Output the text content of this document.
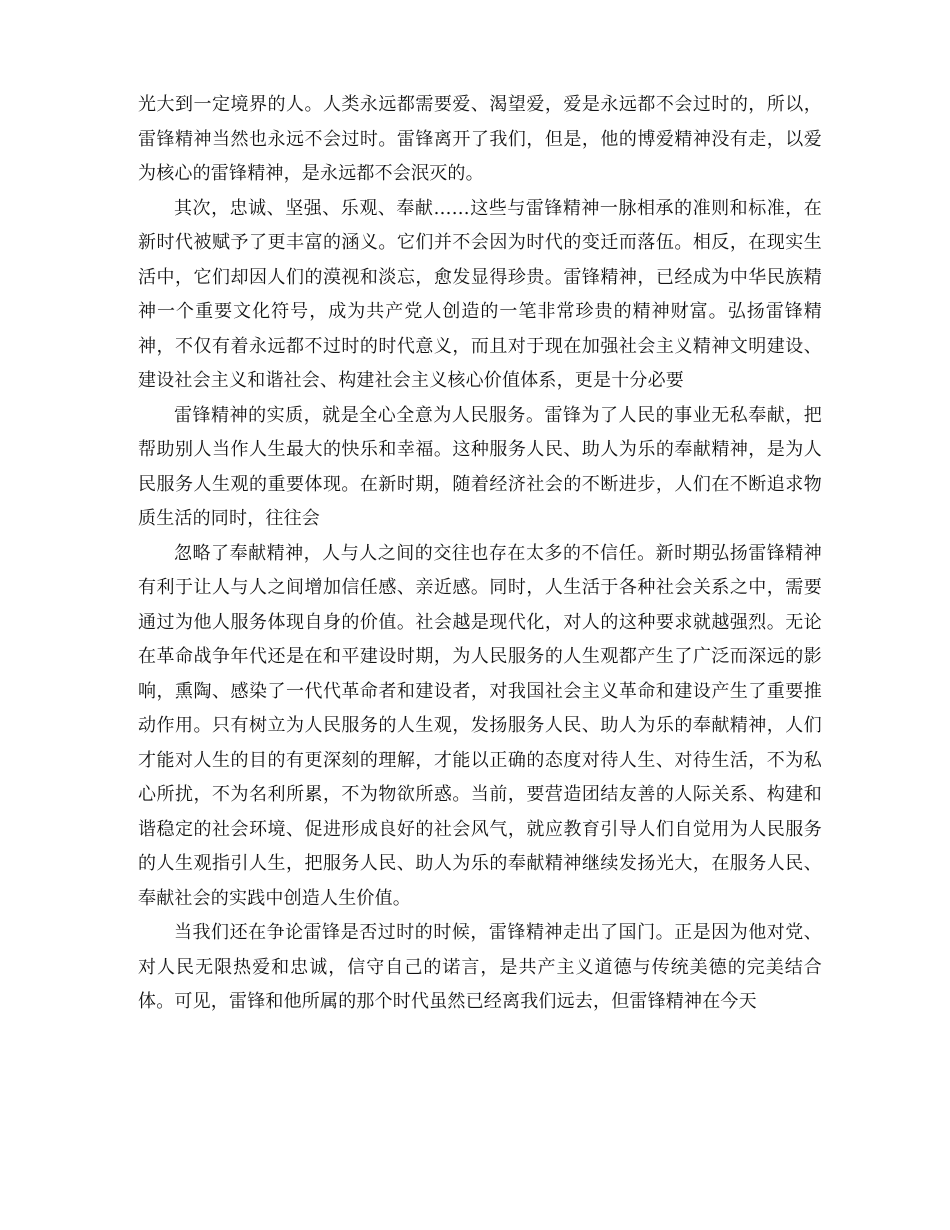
光大到一定境界的人。人类永远都需要爱、渴望爱，爱是永远都不会过时的，所以，雷锋精神当然也永远不会过时。雷锋离开了我们，但是，他的博爱精神没有走，以爱为核心的雷锋精神，是永远都不会泯灭的。

其次，忠诚、坚强、乐观、奉献……这些与雷锋精神一脉相承的准则和标准，在新时代被赋予了更丰富的涵义。它们并不会因为时代的变迁而落伍。相反，在现实生活中，它们却因人们的漠视和淡忘，愈发显得珍贵。雷锋精神，已经成为中华民族精神一个重要文化符号，成为共产党人创造的一笔非常珍贵的精神财富。弘扬雷锋精神，不仅有着永远都不过时的时代意义，而且对于现在加强社会主义精神文明建设、建设社会主义和谐社会、构建社会主义核心价值体系，更是十分必要

雷锋精神的实质，就是全心全意为人民服务。雷锋为了人民的事业无私奉献，把帮助别人当作人生最大的快乐和幸福。这种服务人民、助人为乐的奉献精神，是为人民服务人生观的重要体现。在新时期，随着经济社会的不断进步，人们在不断追求物质生活的同时，往往会

忽略了奉献精神，人与人之间的交往也存在太多的不信任。新时期弘扬雷锋精神有利于让人与人之间增加信任感、亲近感。同时，人生活于各种社会关系之中，需要通过为他人服务体现自身的价值。社会越是现代化，对人的这种要求就越强烈。无论在革命战争年代还是在和平建设时期，为人民服务的人生观都产生了广泛而深远的影响，熏陶、感染了一代代革命者和建设者，对我国社会主义革命和建设产生了重要推动作用。只有树立为人民服务的人生观，发扬服务人民、助人为乐的奉献精神，人们才能对人生的目的有更深刻的理解，才能以正确的态度对待人生、对待生活，不为私心所扰，不为名利所累，不为物欲所惑。当前，要营造团结友善的人际关系、构建和谐稳定的社会环境、促进形成良好的社会风气，就应教育引导人们自觉用为人民服务的人生观指引人生，把服务人民、助人为乐的奉献精神继续发扬光大，在服务人民、奉献社会的实践中创造人生价值。

当我们还在争论雷锋是否过时的时候，雷锋精神走出了国门。正是因为他对党、对人民无限热爱和忠诚，信守自己的诺言，是共产主义道德与传统美德的完美结合体。可见，雷锋和他所属的那个时代虽然已经离我们远去，但雷锋精神在今天
